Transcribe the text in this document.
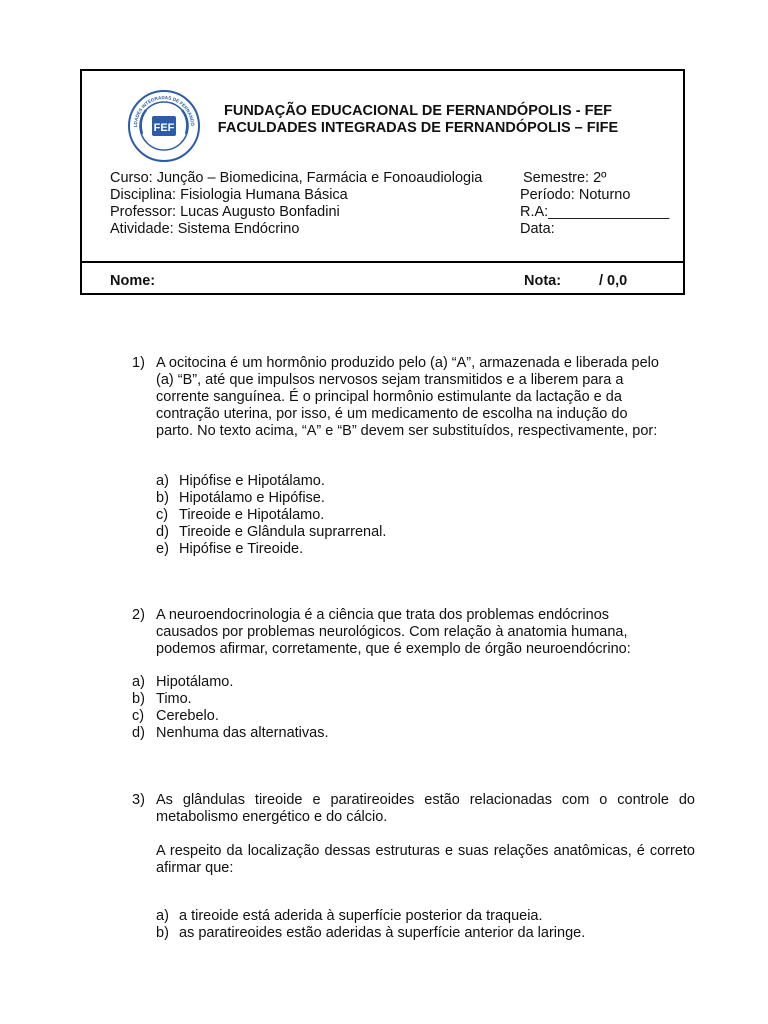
FEF
LDADES INTEGRADAS DE FERNANDÓ
FUNDAÇÃO EDUCACIONAL DE FERNANDÓPOLIS - FEF
FACULDADES INTEGRADAS DE FERNANDÓPOLIS – FIFE
Curso: Junção – Biomedicina, Farmácia e Fonoaudiologia	Semestre: 2º
Disciplina: Fisiologia Humana Básica	Período: Noturno
Professor: Lucas Augusto Bonfadini	R.A:_______________
Atividade: Sistema Endócrino	Data:
Nome:	Nota:	/ 0,0
1) A ocitocina é um hormônio produzido pelo (a) “A”, armazenada e liberada pelo
(a) “B”, até que impulsos nervosos sejam transmitidos e a liberem para a
corrente sanguínea. É o principal hormônio estimulante da lactação e da
contração uterina, por isso, é um medicamento de escolha na indução do
parto. No texto acima, “A” e “B” devem ser substituídos, respectivamente, por:
a) Hipófise e Hipotálamo.

b) Hipotálamo e Hipófise.

c) Tireoide e Hipotálamo.

d) Tireoide e Glândula suprarrenal.

e) Hipófise e Tireoide.

2) A neuroendocrinologia é a ciência que trata dos problemas endócrinos
causados por problemas neurológicos. Com relação à anatomia humana,
podemos afirmar, corretamente, que é exemplo de órgão neuroendócrino:
a) Hipotálamo.

b) Timo.

c) Cerebelo.

d) Nenhuma das alternativas.

3) As glândulas tireoide e paratireoides estão relacionadas com o controle do metabolismo energético e do cálcio.

A respeito da localização dessas estruturas e suas relações anatômicas, é correto afirmar que:

a) a tireoide está aderida à superfície posterior da traqueia.

b) as paratireoides estão aderidas à superfície anterior da laringe.
